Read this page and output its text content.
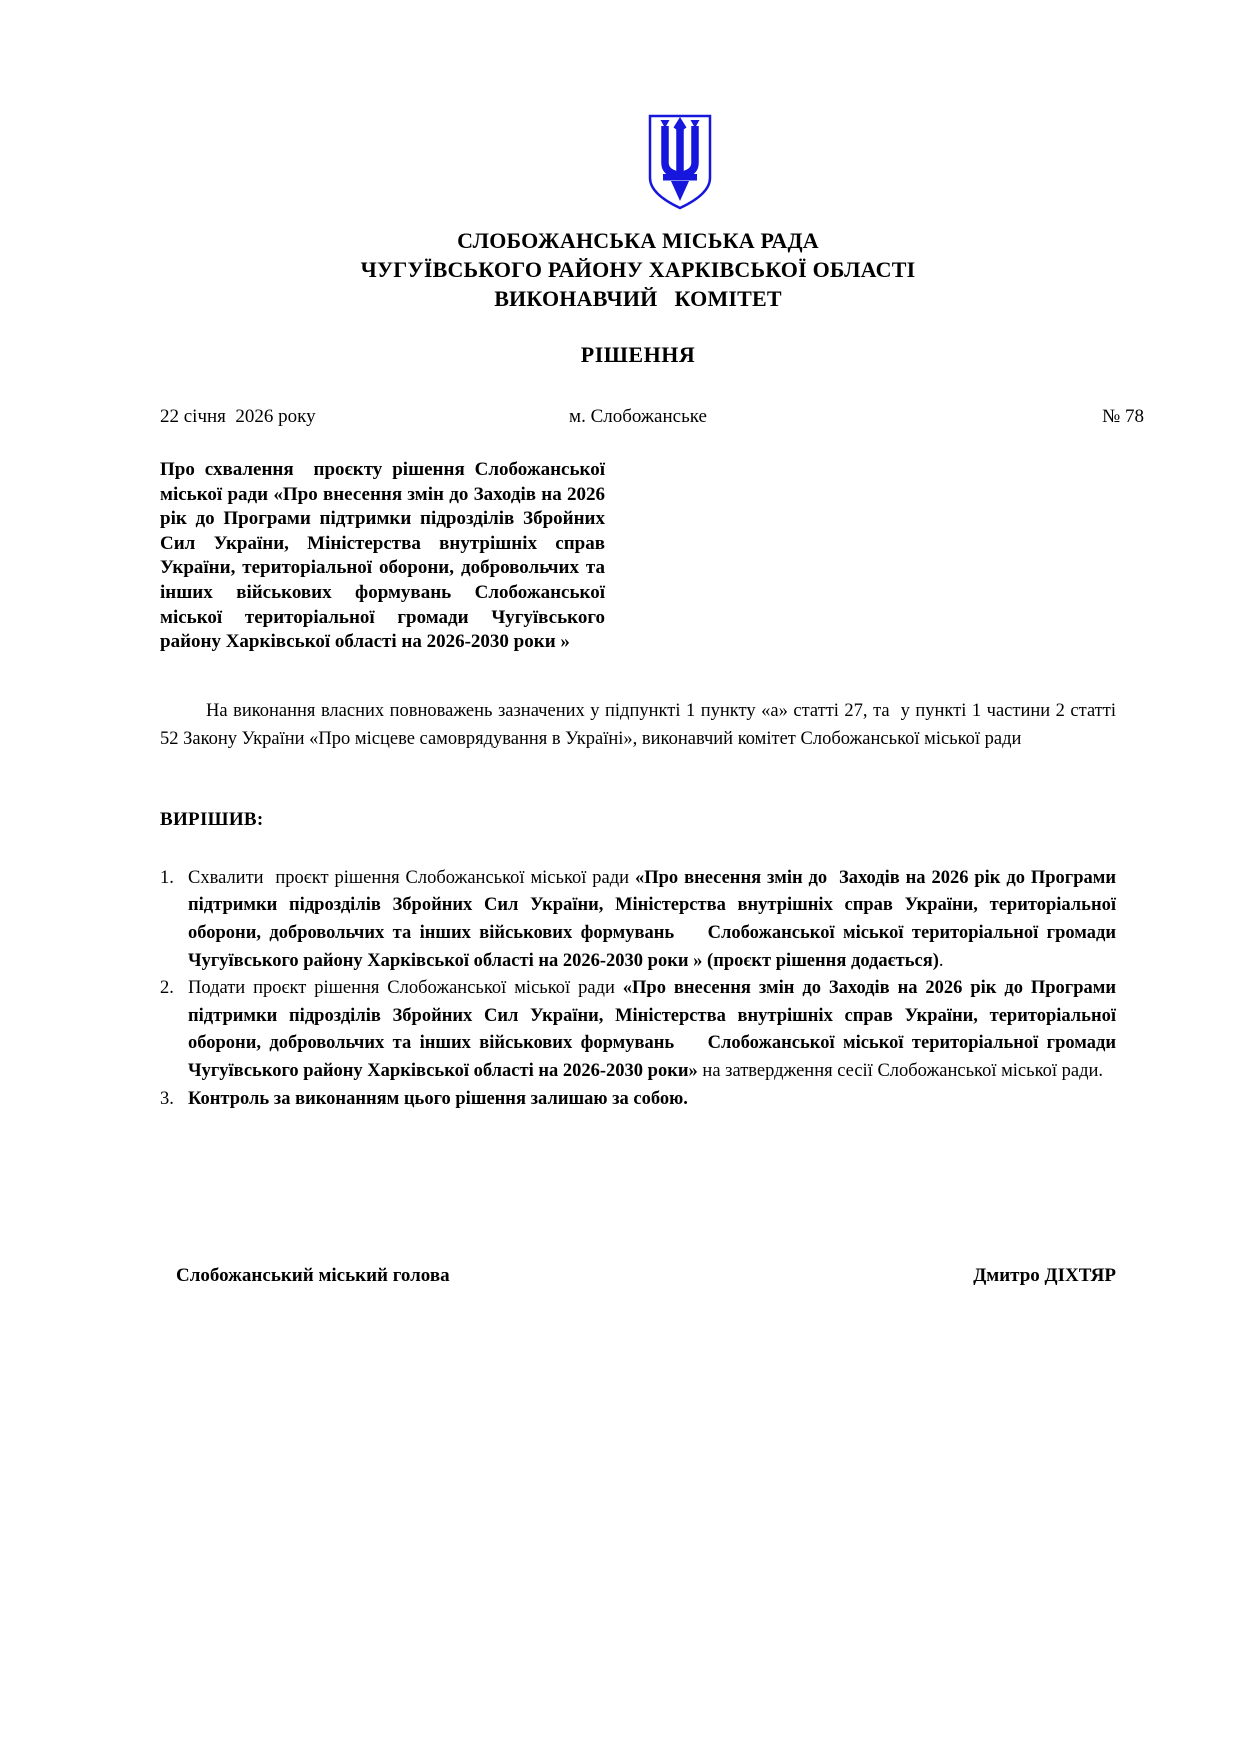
СЛОБОЖАНСЬКА МІСЬКА РАДА
ЧУГУЇВСЬКОГО РАЙОНУ ХАРКІВСЬКОЇ ОБЛАСТІ
ВИКОНАВЧИЙ   КОМІТЕТ
РІШЕННЯ
22 січня  2026 року	м. Слобожанське	№ 78
Про схвалення  проєкту рішення Слобожанської міської ради «Про внесення змін до Заходів на 2026 рік до Програми підтримки підрозділів Збройних Сил України, Міністерства внутрішніх справ України, територіальної оборони, добровольчих та інших військових формувань Слобожанської міської територіальної громади Чугуївського району Харківської області на 2026-2030 роки »

На виконання власних повноважень зазначених у підпункті 1 пункту «а» статті 27, та  у пункті 1 частини 2 статті 52 Закону України «Про місцеве самоврядування в Україні», виконавчий комітет Слобожанської міської ради

ВИРІШИВ:
1. Схвалити  проєкт рішення Слобожанської міської ради «Про внесення змін до  Заходів на 2026 рік до Програми підтримки підрозділів Збройних Сил України, Міністерства внутрішніх справ України, територіальної оборони, добровольчих та інших військових формувань    Слобожанської міської територіальної громади Чугуївського району Харківської області на 2026-2030 роки » (проєкт рішення додається).
2. Подати проєкт рішення Слобожанської міської ради «Про внесення змін до Заходів на 2026 рік до Програми підтримки підрозділів Збройних Сил України, Міністерства внутрішніх справ України, територіальної оборони, добровольчих та інших військових формувань    Слобожанської міської територіальної громади Чугуївського району Харківської області на 2026-2030 роки» на затвердження сесії Слобожанської міської ради.
3. Контроль за виконанням цього рішення залишаю за собою.
Слобожанський міський голова	Дмитро ДІХТЯР
